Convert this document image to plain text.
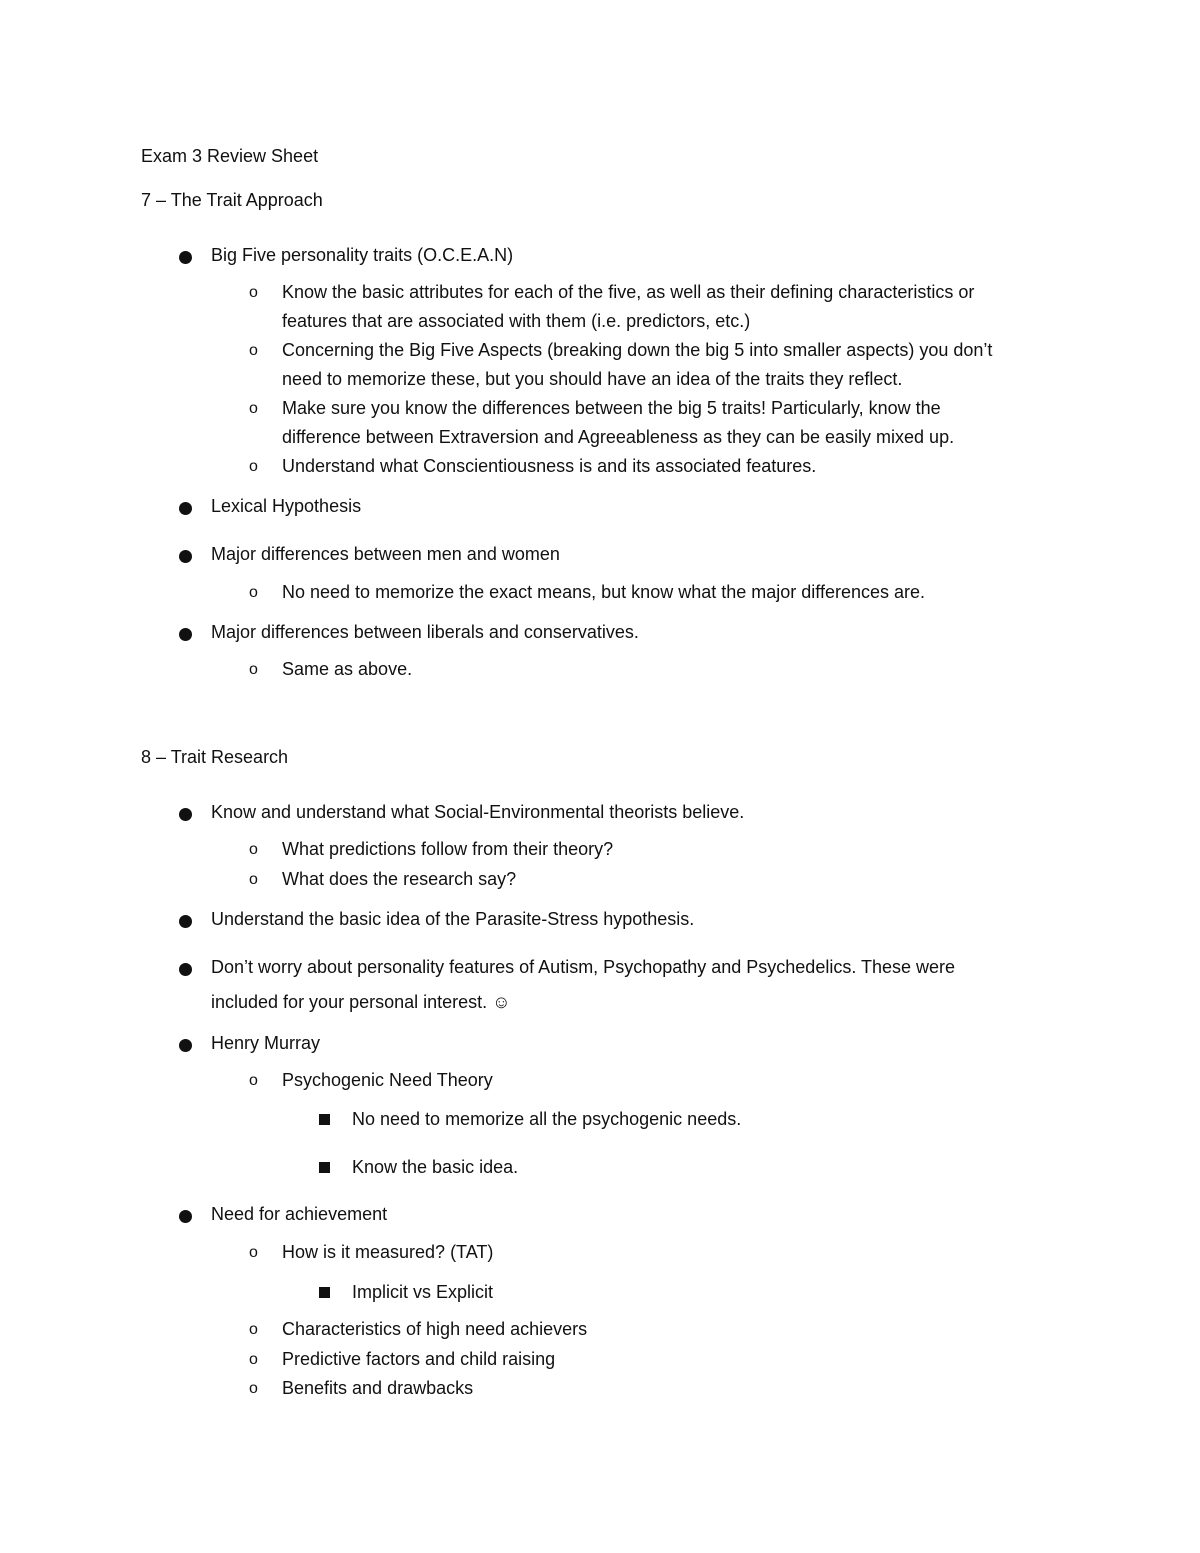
Exam 3 Review Sheet
7 – The Trait Approach
Big Five personality traits (O.C.E.A.N)
o Know the basic attributes for each of the five, as well as their defining characteristics or
features that are associated with them (i.e. predictors, etc.)
o Concerning the Big Five Aspects (breaking down the big 5 into smaller aspects) you don’t
need to memorize these, but you should have an idea of the traits they reflect.
o Make sure you know the differences between the big 5 traits! Particularly, know the
difference between Extraversion and Agreeableness as they can be easily mixed up.
o Understand what Conscientiousness is and its associated features.
Lexical Hypothesis
Major differences between men and women
o No need to memorize the exact means, but know what the major differences are.
Major differences between liberals and conservatives.
o Same as above.
8 – Trait Research
Know and understand what Social-Environmental theorists believe.
o What predictions follow from their theory?
o What does the research say?
Understand the basic idea of the Parasite-Stress hypothesis.
Don’t worry about personality features of Autism, Psychopathy and Psychedelics. These were
included for your personal interest. ☺
Henry Murray
o Psychogenic Need Theory
No need to memorize all the psychogenic needs.
Know the basic idea.
Need for achievement
o How is it measured? (TAT)
Implicit vs Explicit
o Characteristics of high need achievers
o Predictive factors and child raising
o Benefits and drawbacks
